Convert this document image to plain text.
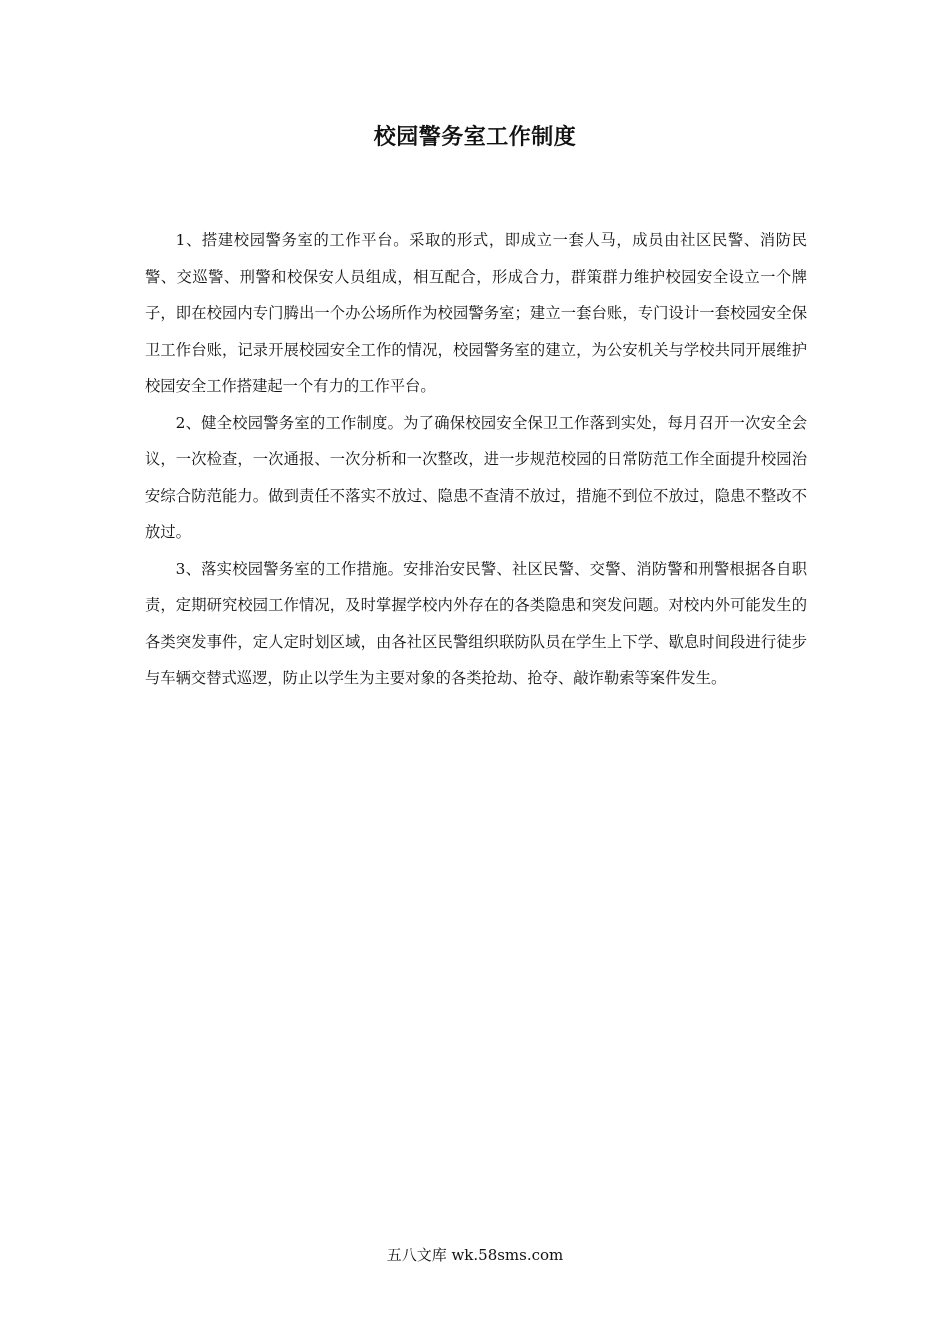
校园警务室工作制度

1、搭建校园警务室的工作平台。采取的形式，即成立一套人马，成员由社区民警、消防民警、交巡警、刑警和校保安人员组成，相互配合，形成合力，群策群力维护校园安全设立一个牌子，即在校园内专门腾出一个办公场所作为校园警务室；建立一套台账，专门设计一套校园安全保卫工作台账，记录开展校园安全工作的情况，校园警务室的建立，为公安机关与学校共同开展维护校园安全工作搭建起一个有力的工作平台。

2、健全校园警务室的工作制度。为了确保校园安全保卫工作落到实处，每月召开一次安全会议，一次检查，一次通报、一次分析和一次整改，进一步规范校园的日常防范工作全面提升校园治安综合防范能力。做到责任不落实不放过、隐患不查清不放过，措施不到位不放过，隐患不整改不放过。

3、落实校园警务室的工作措施。安排治安民警、社区民警、交警、消防警和刑警根据各自职责，定期研究校园工作情况，及时掌握学校内外存在的各类隐患和突发问题。对校内外可能发生的各类突发事件，定人定时划区域，由各社区民警组织联防队员在学生上下学、歇息时间段进行徒步与车辆交替式巡逻，防止以学生为主要对象的各类抢劫、抢夺、敲诈勒索等案件发生。

五八文库 wk.58sms.com
